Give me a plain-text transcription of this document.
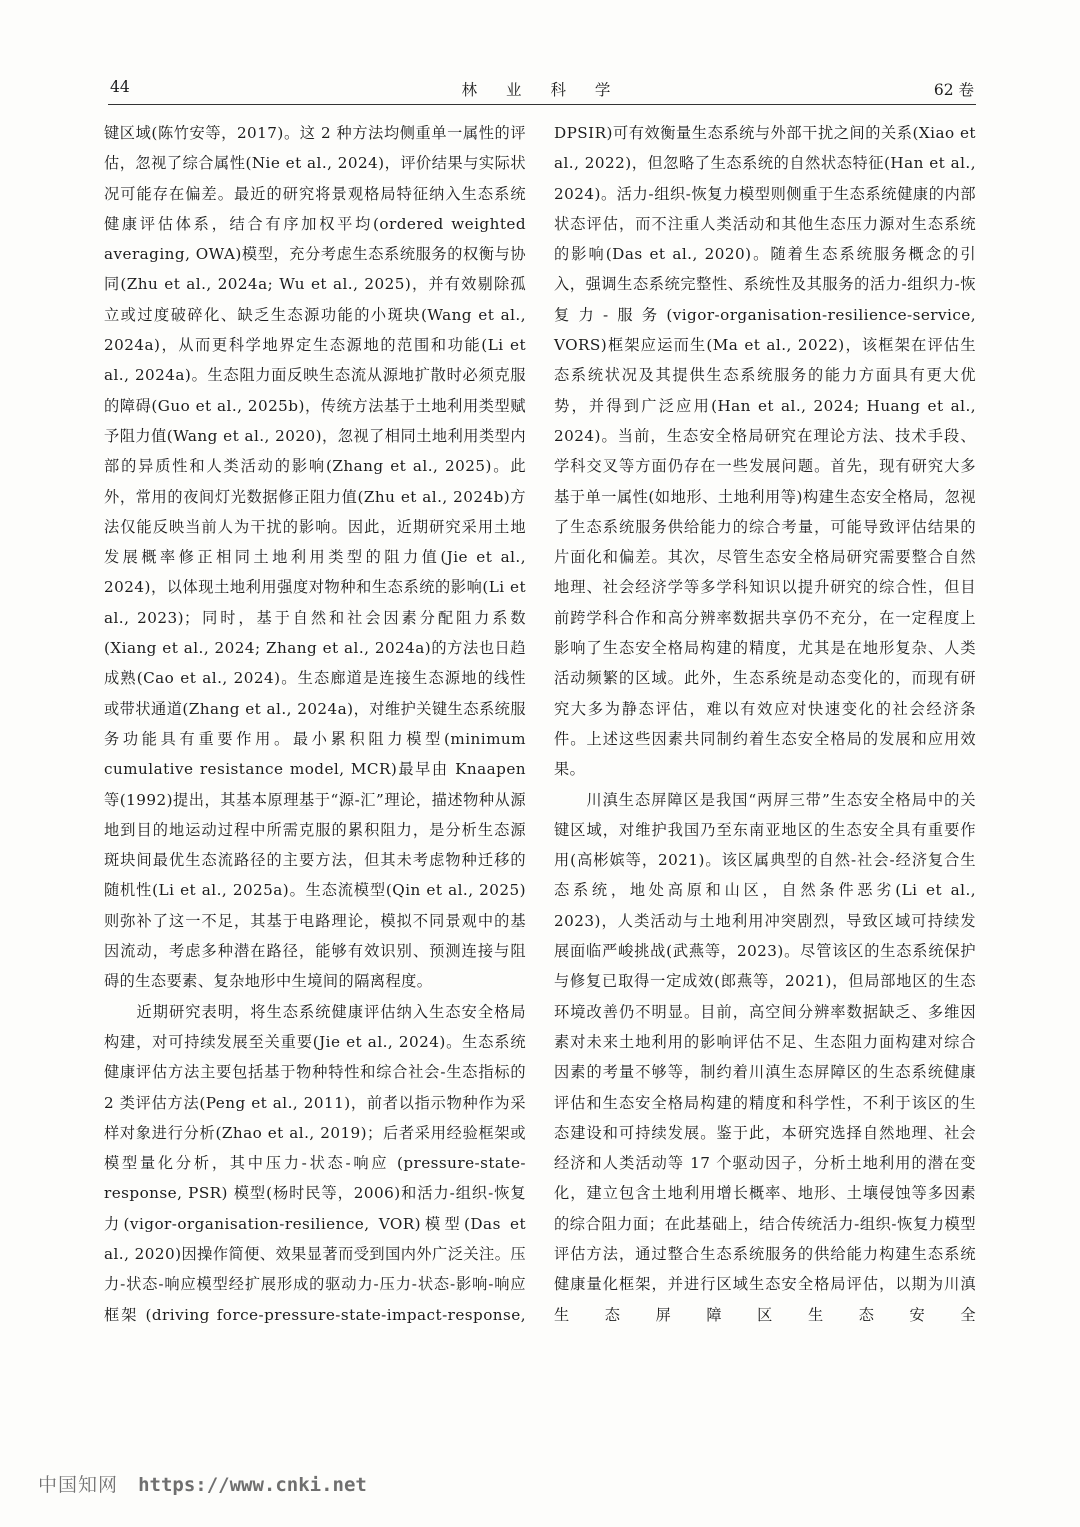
44	林 业 科 学	62 卷

键区域(陈竹安等，2017)。这 2 种方法均侧重单一属性的评估，忽视了综合属性(Nie et al., 2024)，评价结果与实际状况可能存在偏差。最近的研究将景观格局特征纳入生态系统健康评估体系，结合有序加权平均(ordered weighted averaging, OWA)模型，充分考虑生态系统服务的权衡与协同(Zhu et al., 2024a; Wu et al., 2025)，并有效剔除孤立或过度破碎化、缺乏生态源功能的小斑块(Wang et al., 2024a)，从而更科学地界定生态源地的范围和功能(Li et al., 2024a)。生态阻力面反映生态流从源地扩散时必须克服的障碍(Guo et al., 2025b)，传统方法基于土地利用类型赋予阻力值(Wang et al., 2020)，忽视了相同土地利用类型内部的异质性和人类活动的影响(Zhang et al., 2025)。此外，常用的夜间灯光数据修正阻力值(Zhu et al., 2024b)方法仅能反映当前人为干扰的影响。因此，近期研究采用土地发展概率修正相同土地利用类型的阻力值(Jie et al., 2024)，以体现土地利用强度对物种和生态系统的影响(Li et al., 2023)；同时，基于自然和社会因素分配阻力系数(Xiang et al., 2024; Zhang et al., 2024a)的方法也日趋成熟(Cao et al., 2024)。生态廊道是连接生态源地的线性或带状通道(Zhang et al., 2024a)，对维护关键生态系统服务功能具有重要作用。最小累积阻力模型(minimum cumulative resistance model, MCR)最早由 Knaapen 等(1992)提出，其基本原理基于“源-汇”理论，描述物种从源地到目的地运动过程中所需克服的累积阻力，是分析生态源斑块间最优生态流路径的主要方法，但其未考虑物种迁移的随机性(Li et al., 2025a)。生态流模型(Qin et al., 2025)则弥补了这一不足，其基于电路理论，模拟不同景观中的基因流动，考虑多种潜在路径，能够有效识别、预测连接与阻碍的生态要素、复杂地形中生境间的隔离程度。

　　近期研究表明，将生态系统健康评估纳入生态安全格局构建，对可持续发展至关重要(Jie et al., 2024)。生态系统健康评估方法主要包括基于物种特性和综合社会-生态指标的 2 类评估方法(Peng et al., 2011)，前者以指示物种作为采样对象进行分析(Zhao et al., 2019)；后者采用经验框架或模型量化分析，其中压力-状态-响应 (pressure-state-response, PSR) 模型(杨时民等，2006)和活力-组织-恢复力(vigor-organisation-resilience, VOR)模型(Das et al., 2020)因操作简便、效果显著而受到国内外广泛关注。压力-状态-响应模型经扩展形成的驱动力-压力-状态-影响-响应框架 (driving force-pressure-state-impact-response,

DPSIR)可有效衡量生态系统与外部干扰之间的关系(Xiao et al., 2022)，但忽略了生态系统的自然状态特征(Han et al., 2024)。活力-组织-恢复力模型则侧重于生态系统健康的内部状态评估，而不注重人类活动和其他生态压力源对生态系统的影响(Das et al., 2020)。随着生态系统服务概念的引入，强调生态系统完整性、系统性及其服务的活力-组织力-恢复力-服务(vigor-organisation-resilience-service, VORS)框架应运而生(Ma et al., 2022)，该框架在评估生态系统状况及其提供生态系统服务的能力方面具有更大优势，并得到广泛应用(Han et al., 2024; Huang et al., 2024)。当前，生态安全格局研究在理论方法、技术手段、学科交叉等方面仍存在一些发展问题。首先，现有研究大多基于单一属性(如地形、土地利用等)构建生态安全格局，忽视了生态系统服务供给能力的综合考量，可能导致评估结果的片面化和偏差。其次，尽管生态安全格局研究需要整合自然地理、社会经济学等多学科知识以提升研究的综合性，但目前跨学科合作和高分辨率数据共享仍不充分，在一定程度上影响了生态安全格局构建的精度，尤其是在地形复杂、人类活动频繁的区域。此外，生态系统是动态变化的，而现有研究大多为静态评估，难以有效应对快速变化的社会经济条件。上述这些因素共同制约着生态安全格局的发展和应用效果。

　　川滇生态屏障区是我国“两屏三带”生态安全格局中的关键区域，对维护我国乃至东南亚地区的生态安全具有重要作用(高彬嫔等，2021)。该区属典型的自然-社会-经济复合生态系统，地处高原和山区，自然条件恶劣(Li et al., 2023)，人类活动与土地利用冲突剧烈，导致区域可持续发展面临严峻挑战(武燕等，2023)。尽管该区的生态系统保护与修复已取得一定成效(郎燕等，2021)，但局部地区的生态环境改善仍不明显。目前，高空间分辨率数据缺乏、多维因素对未来土地利用的影响评估不足、生态阻力面构建对综合因素的考量不够等，制约着川滇生态屏障区的生态系统健康评估和生态安全格局构建的精度和科学性，不利于该区的生态建设和可持续发展。鉴于此，本研究选择自然地理、社会经济和人类活动等 17 个驱动因子，分析土地利用的潜在变化，建立包含土地利用增长概率、地形、土壤侵蚀等多因素的综合阻力面；在此基础上，结合传统活力-组织-恢复力模型评估方法，通过整合生态系统服务的供给能力构建生态系统健康量化框架，并进行区域生态安全格局评估，以期为川滇生态屏障区生态安全

中国知网 https://www.cnki.net
